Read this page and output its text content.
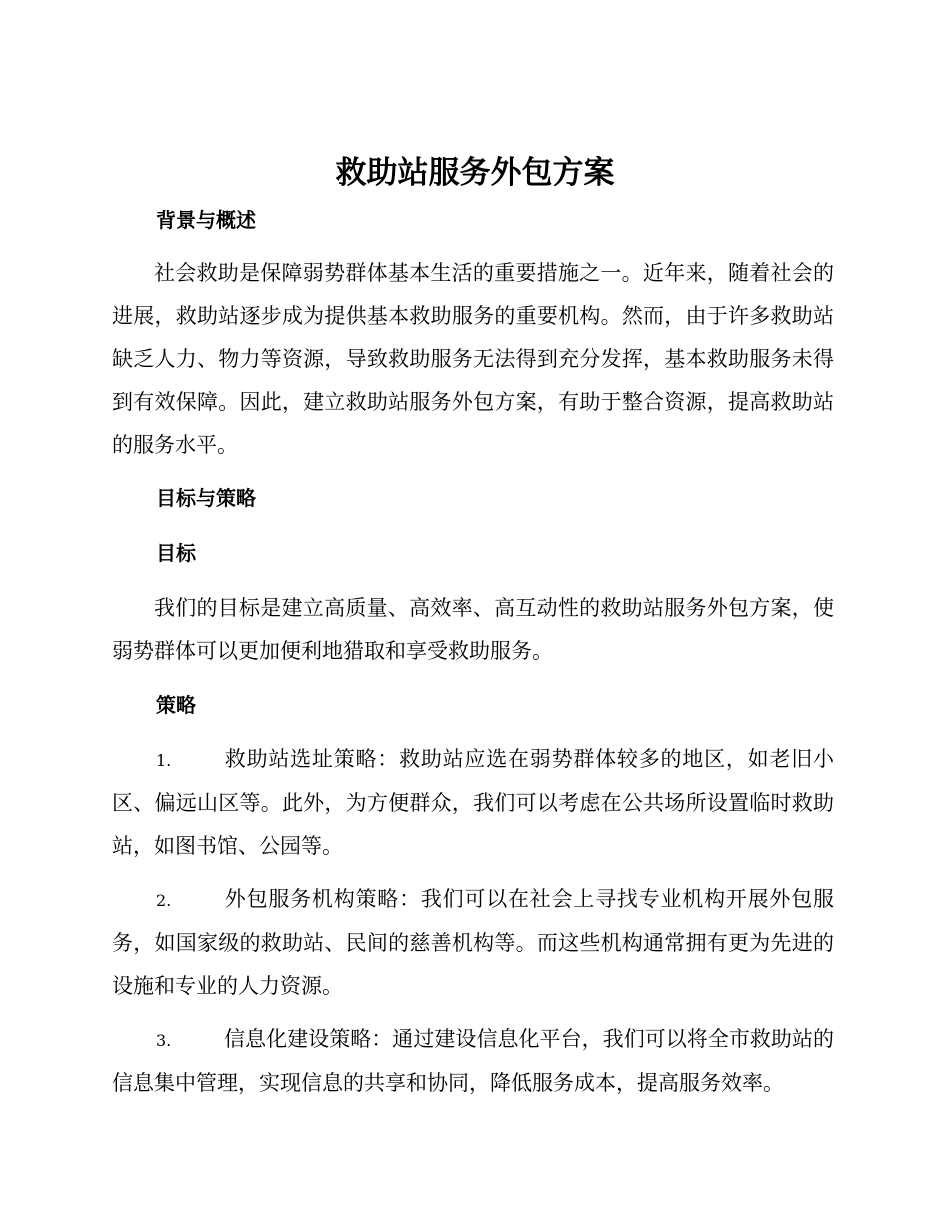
救助站服务外包方案
背景与概述

社会救助是保障弱势群体基本生活的重要措施之一。近年来，随着社会的进展，救助站逐步成为提供基本救助服务的重要机构。然而，由于许多救助站缺乏人力、物力等资源，导致救助服务无法得到充分发挥，基本救助服务未得到有效保障。因此，建立救助站服务外包方案，有助于整合资源，提高救助站的服务水平。

目标与策略
目标

我们的目标是建立高质量、高效率、高互动性的救助站服务外包方案，使弱势群体可以更加便利地猎取和享受救助服务。

策略

1.	救助站选址策略：救助站应选在弱势群体较多的地区，如老旧小区、偏远山区等。此外，为方便群众，我们可以考虑在公共场所设置临时救助站，如图书馆、公园等。

2.	外包服务机构策略：我们可以在社会上寻找专业机构开展外包服务，如国家级的救助站、民间的慈善机构等。而这些机构通常拥有更为先进的设施和专业的人力资源。

3.	信息化建设策略：通过建设信息化平台，我们可以将全市救助站的信息集中管理，实现信息的共享和协同，降低服务成本，提高服务效率。
